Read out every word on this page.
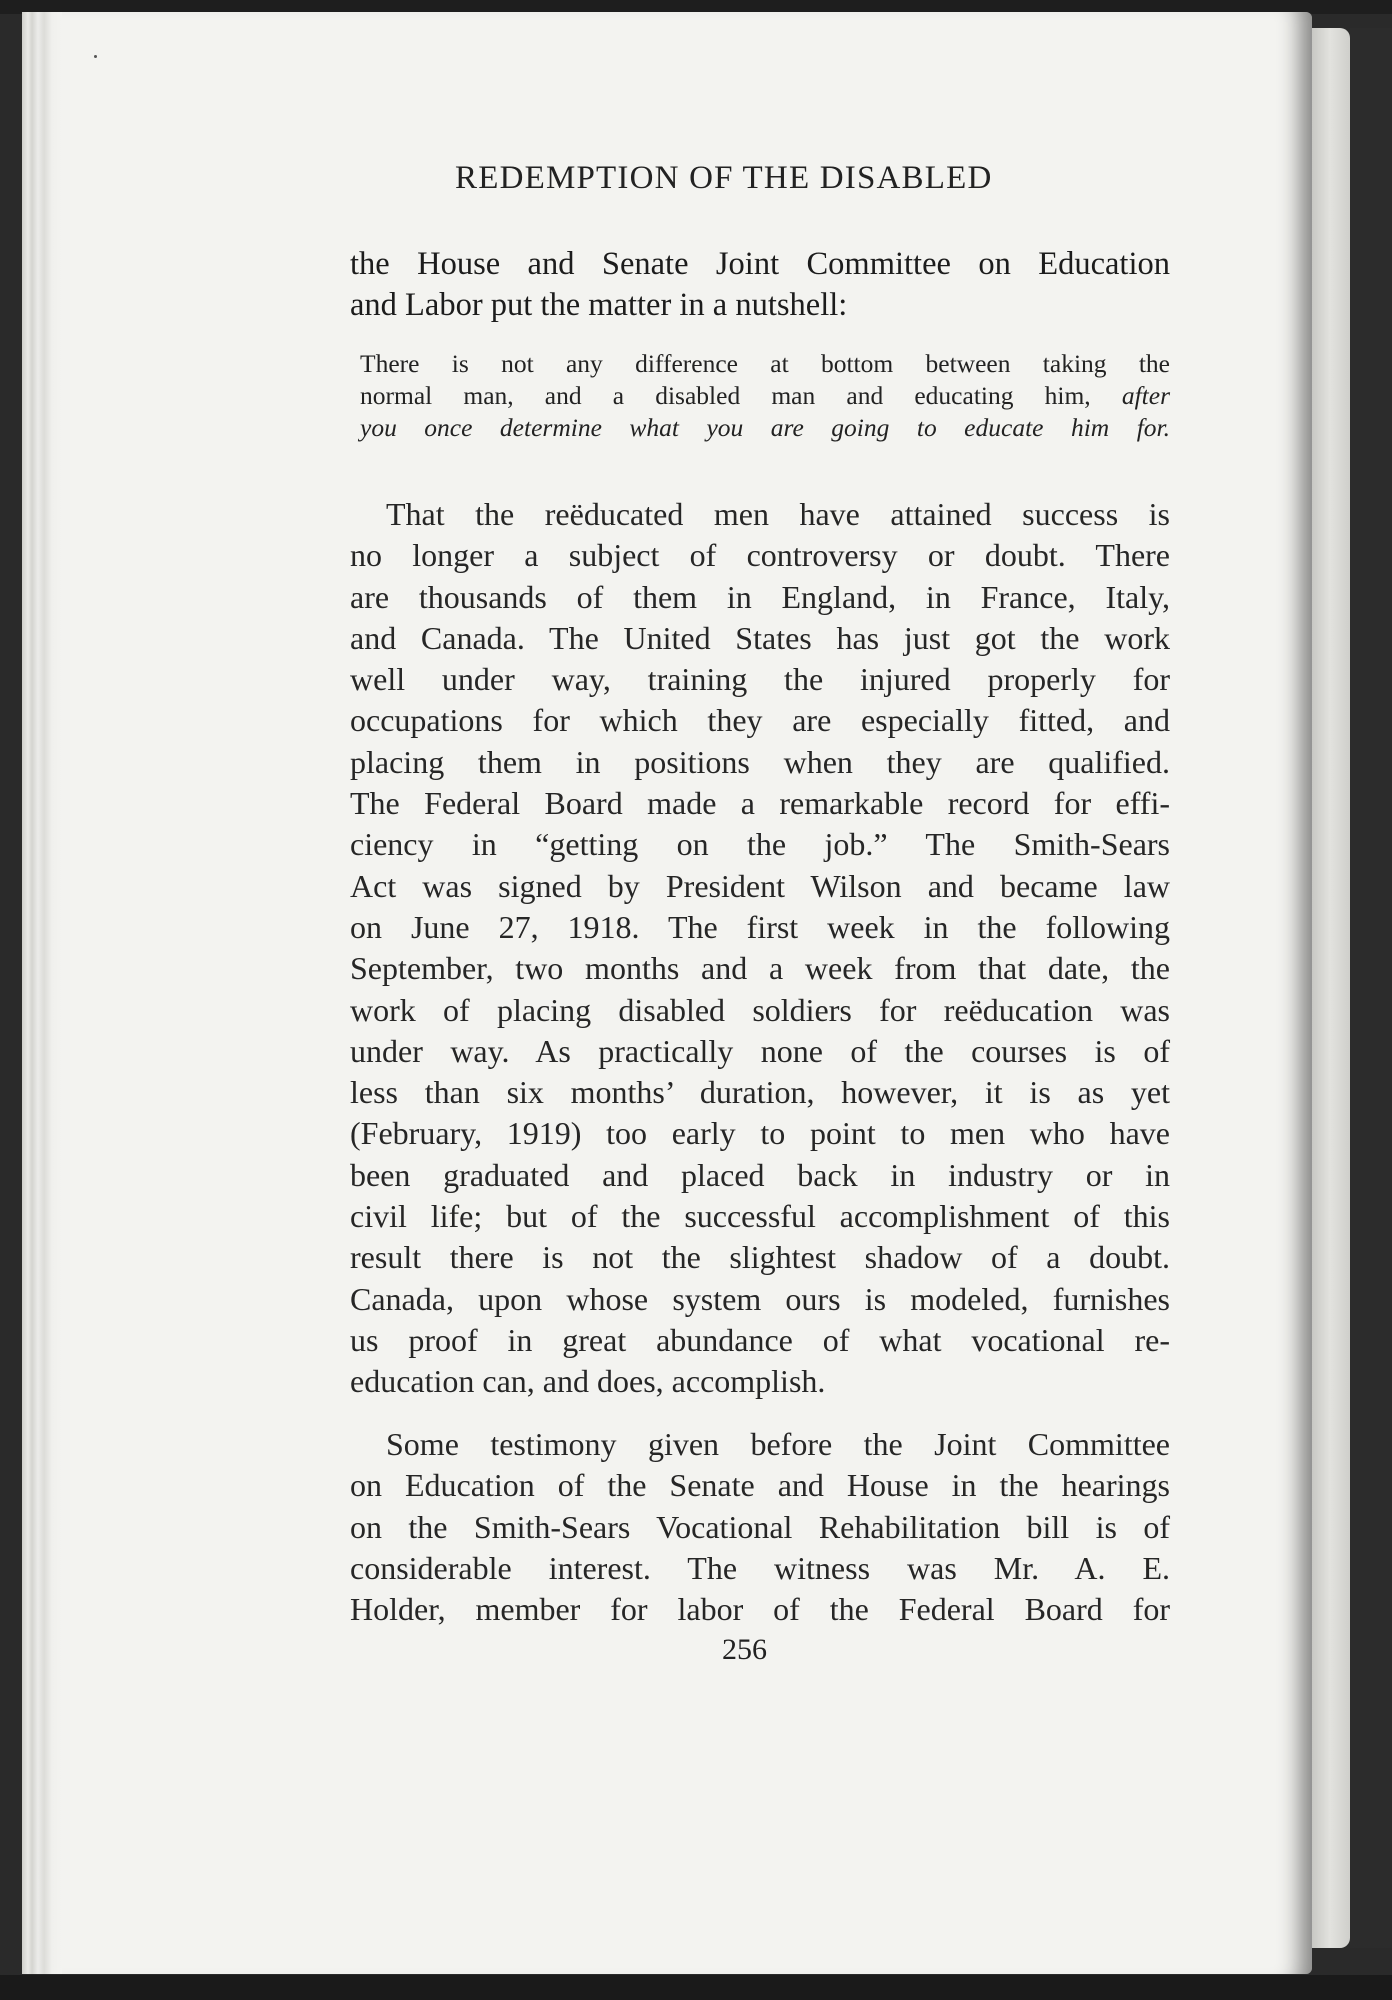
REDEMPTION OF THE DISABLED
the House and Senate Joint Committee on Education
and Labor put the matter in a nutshell:
There is not any difference at bottom between taking the
normal man, and a disabled man and educating him, after
you once determine what you are going to educate him for.
That the reëducated men have attained success is
no longer a subject of controversy or doubt. There
are thousands of them in England, in France, Italy,
and Canada. The United States has just got the work
well under way, training the injured properly for
occupations for which they are especially fitted, and
placing them in positions when they are qualified.
The Federal Board made a remarkable record for effi-
ciency in “getting on the job.” The Smith-Sears
Act was signed by President Wilson and became law
on June 27, 1918. The first week in the following
September, two months and a week from that date, the
work of placing disabled soldiers for reëducation was
under way. As practically none of the courses is of
less than six months’ duration, however, it is as yet
(February, 1919) too early to point to men who have
been graduated and placed back in industry or in
civil life; but of the successful accomplishment of this
result there is not the slightest shadow of a doubt.
Canada, upon whose system ours is modeled, furnishes
us proof in great abundance of what vocational re-
education can, and does, accomplish.
Some testimony given before the Joint Committee
on Education of the Senate and House in the hearings
on the Smith-Sears Vocational Rehabilitation bill is of
considerable interest. The witness was Mr. A. E.
Holder, member for labor of the Federal Board for
256
